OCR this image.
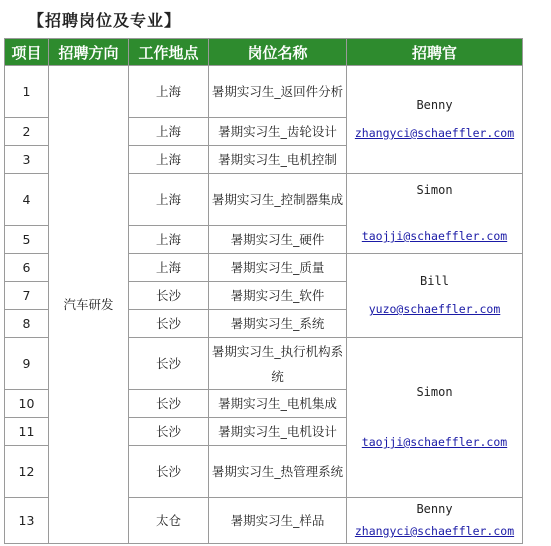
【招聘岗位及专业】
项目	招聘方向	工作地点	岗位名称	招聘官
1	汽车研发	上海	暑期实习生_返回件分析	Benny
zhangyci@schaeffler.com
2		上海	暑期实习生_齿轮设计	
3		上海	暑期实习生_电机控制	
4		上海	暑期实习生_控制器集成	Simon
taojji@schaeffler.com
5		上海	暑期实习生_硬件	
6		上海	暑期实习生_质量	Bill
yuzo@schaeffler.com
7		长沙	暑期实习生_软件	
8		长沙	暑期实习生_系统	
9		长沙	暑期实习生_执行机构系统	Simon
taojji@schaeffler.com
10		长沙	暑期实习生_电机集成	
11		长沙	暑期实习生_电机设计	
12		长沙	暑期实习生_热管理系统	
13		太仓	暑期实习生_样品	Benny
zhangyci@schaeffler.com
